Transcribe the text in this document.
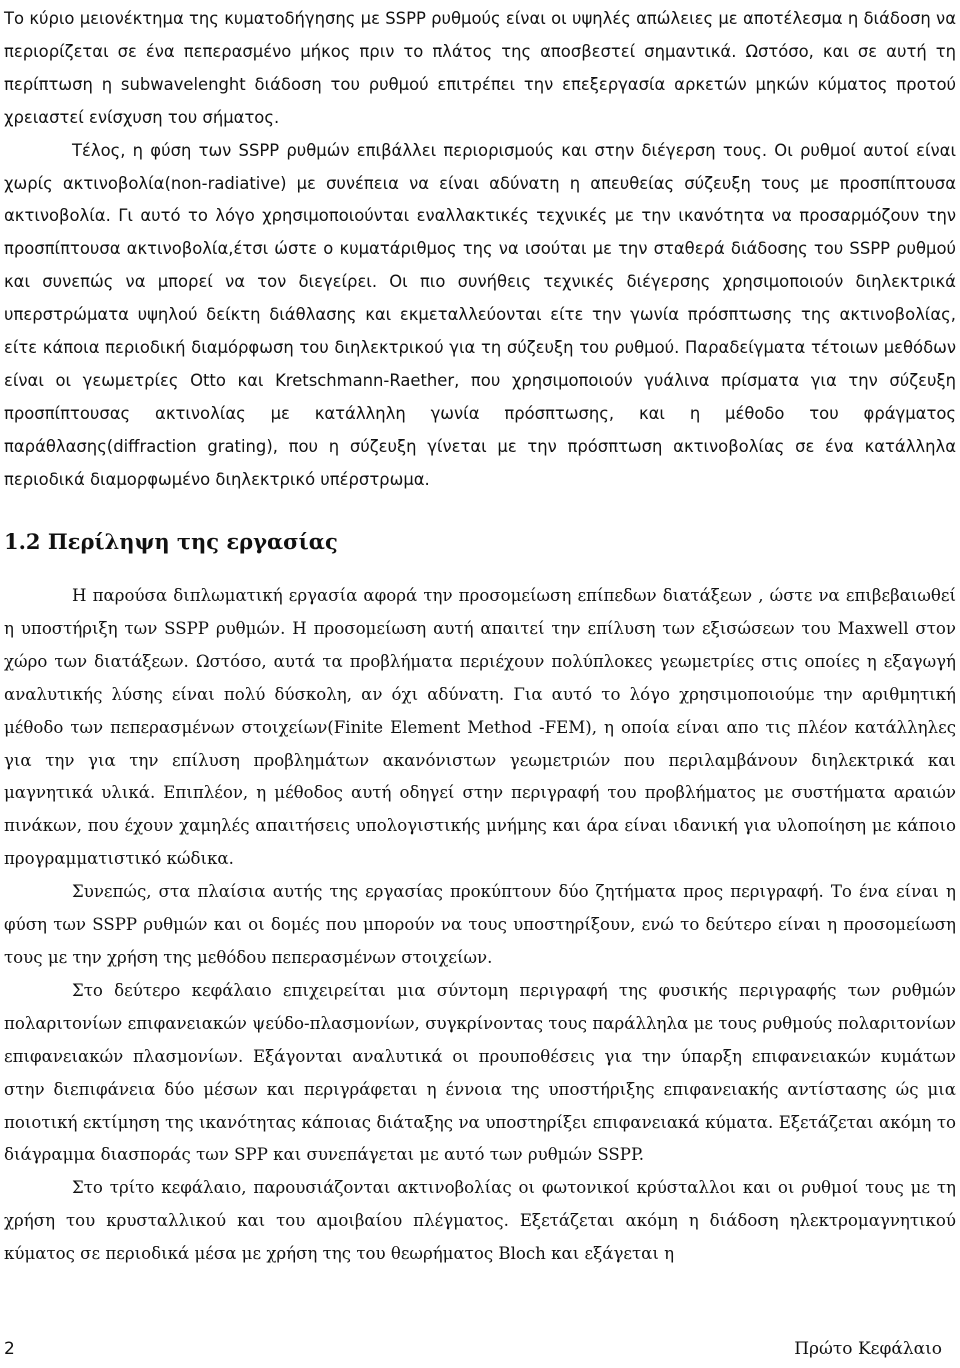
Το κύριο μειονέκτημα της κυματοδήγησης με SSPP ρυθμούς είναι οι υψηλές απώλειες με αποτέλεσμα η διάδοση να περιορίζεται σε ένα πεπερασμένο μήκος πριν το πλάτος της αποσβεστεί σημαντικά. Ωστόσο, και σε αυτή τη περίπτωση η subwavelenght διάδοση του ρυθμού επιτρέπει την επεξεργασία αρκετών μηκών κύματος προτού χρειαστεί ενίσχυση του σήματος.

Τέλος, η φύση των SSPP ρυθμών επιβάλλει περιορισμούς και στην διέγερση τους. Οι ρυθμοί αυτοί είναι χωρίς ακτινοβολία(non-radiative) με συνέπεια να είναι αδύνατη η απευθείας σύζευξη τους με προσπίπτουσα ακτινοβολία. Γι αυτό το λόγο χρησιμοποιούνται εναλλακτικές τεχνικές με την ικανότητα να προσαρμόζουν την προσπίπτουσα ακτινοβολία,έτσι ώστε ο κυματάριθμος της να ισούται με την σταθερά διάδοσης του SSPP ρυθμού και συνεπώς να μπορεί να τον διεγείρει. Οι πιο συνήθεις τεχνικές διέγερσης χρησιμοποιούν διηλεκτρικά υπερστρώματα υψηλού δείκτη διάθλασης και εκμεταλλεύονται είτε την γωνία πρόσπτωσης της ακτινοβολίας, είτε κάποια περιοδική διαμόρφωση του διηλεκτρικού για τη σύζευξη του ρυθμού. Παραδείγματα τέτοιων μεθόδων είναι οι γεωμετρίες Otto και Kretschmann-Raether, που χρησιμοποιούν γυάλινα πρίσματα για την σύζευξη προσπίπτουσας ακτινολίας με κατάλληλη γωνία πρόσπτωσης, και η μέθοδο του φράγματος παράθλασης(diffraction grating), που η σύζευξη γίνεται με την πρόσπτωση ακτινοβολίας σε ένα κατάλληλα περιοδικά διαμορφωμένο διηλεκτρικό υπέρστρωμα.

1.2 Περίληψη της εργασίας

Η παρούσα διπλωματική εργασία αφορά την προσομείωση επίπεδων διατάξεων , ώστε να επιβεβαιωθεί η υποστήριξη των SSPP ρυθμών. Η προσομείωση αυτή απαιτεί την επίλυση των εξισώσεων του Maxwell στον χώρο των διατάξεων. Ωστόσο, αυτά τα προβλήματα περιέχουν πολύπλοκες γεωμετρίες στις οποίες η εξαγωγή αναλυτικής λύσης είναι πολύ δύσκολη, αν όχι αδύνατη. Για αυτό το λόγο χρησιμοποιούμε την αριθμητική μέθοδο των πεπερασμένων στοιχείων(Finite Element Method -FEM), η οποία είναι απο τις πλέον κατάλληλες για την για την επίλυση προβλημάτων ακανόνιστων γεωμετριών που περιλαμβάνουν διηλεκτρικά και μαγνητικά υλικά. Επιπλέον, η μέθοδος αυτή οδηγεί στην περιγραφή του προβλήματος με συστήματα αραιών πινάκων, που έχουν χαμηλές απαιτήσεις υπολογιστικής μνήμης και άρα είναι ιδανική για υλοποίηση με κάποιο προγραμματιστικό κώδικα.

Συνεπώς, στα πλαίσια αυτής της εργασίας προκύπτουν δύο ζητήματα προς περιγραφή. Το ένα είναι η φύση των SSPP ρυθμών και οι δομές που μπορούν να τους υποστηρίξουν, ενώ το δεύτερο είναι η προσομείωση τους με την χρήση της μεθόδου πεπερασμένων στοιχείων.

Στο δεύτερο κεφάλαιο επιχειρείται μια σύντομη περιγραφή της φυσικής περιγραφής των ρυθμών πολαριτονίων επιφανειακών ψεύδο-πλασμονίων, συγκρίνοντας τους παράλληλα με τους ρυθμούς πολαριτονίων επιφανειακών πλασμονίων. Εξάγονται αναλυτικά οι προυποθέσεις για την ύπαρξη επιφανειακών κυμάτων στην διεπιφάνεια δύο μέσων και περιγράφεται η έννοια της υποστήριξης επιφανειακής αντίστασης ώς μια ποιοτική εκτίμηση της ικανότητας κάποιας διάταξης να υποστηρίξει επιφανειακά κύματα. Εξετάζεται ακόμη το διάγραμμα διασποράς των SPP και συνεπάγεται με αυτό των ρυθμών SSPP.

Στο τρίτο κεφάλαιο, παρουσιάζονται ακτινοβολίας οι φωτονικοί κρύσταλλοι και οι ρυθμοί τους με τη χρήση του κρυσταλλικού και του αμοιβαίου πλέγματος. Εξετάζεται ακόμη η διάδοση ηλεκτρομαγνητικού κύματος σε περιοδικά μέσα με χρήση της του θεωρήματος Bloch και εξάγεται η

2	Πρώτο Κεφάλαιο
